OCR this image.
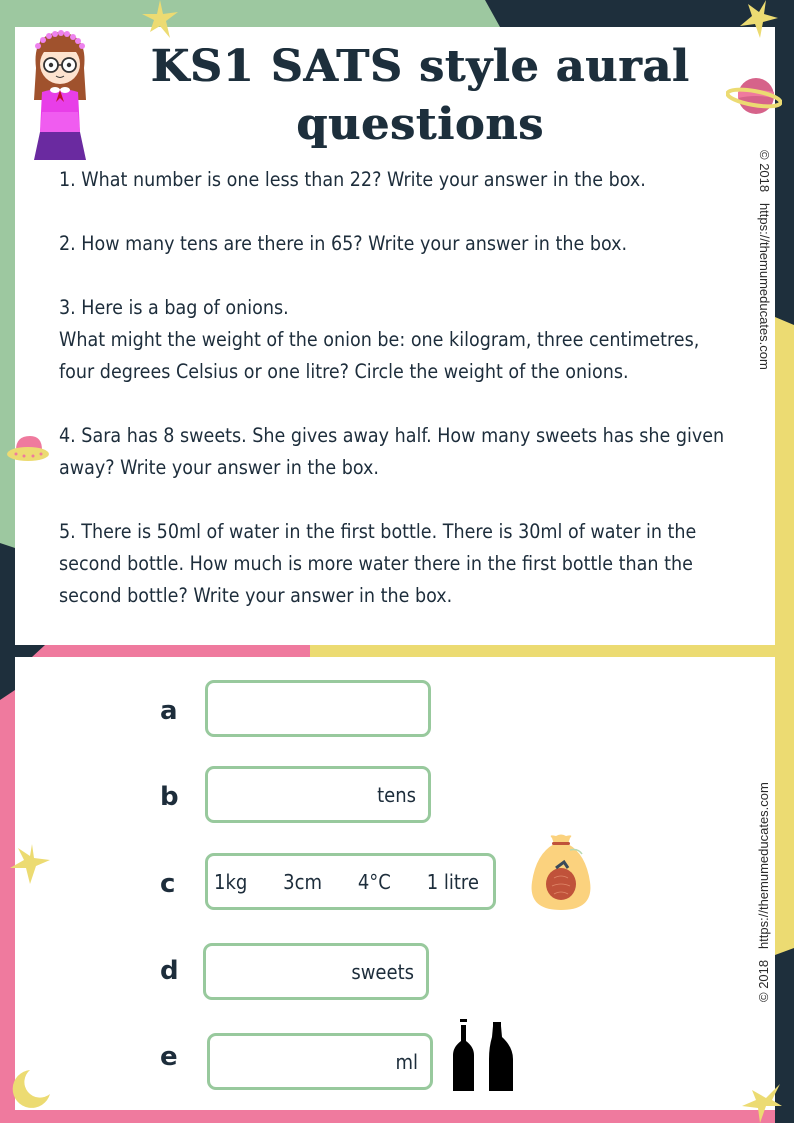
KS1 SATS style aural
questions
1. What number is one less than 22? Write your answer in the box.
2. How many tens are there in 65? Write your answer in the box.
3. Here is a bag of onions.
What might the weight of the onion be: one kilogram, three centimetres, four degrees Celsius or one litre? Circle the weight of the onions.
4. Sara has 8 sweets. She gives away half. How many sweets has she given away? Write your answer in the box.
5. There is 50ml of water in the first bottle. There is 30ml of water in the second bottle. How much is more water there in the first bottle than the second bottle? Write your answer in the box.
© 2018   https://themumeducates.com
© 2018   https://themumeducates.com
a
b	tens
c 1kg 3cm 4°C 1 litre
d	sweets
e	ml
